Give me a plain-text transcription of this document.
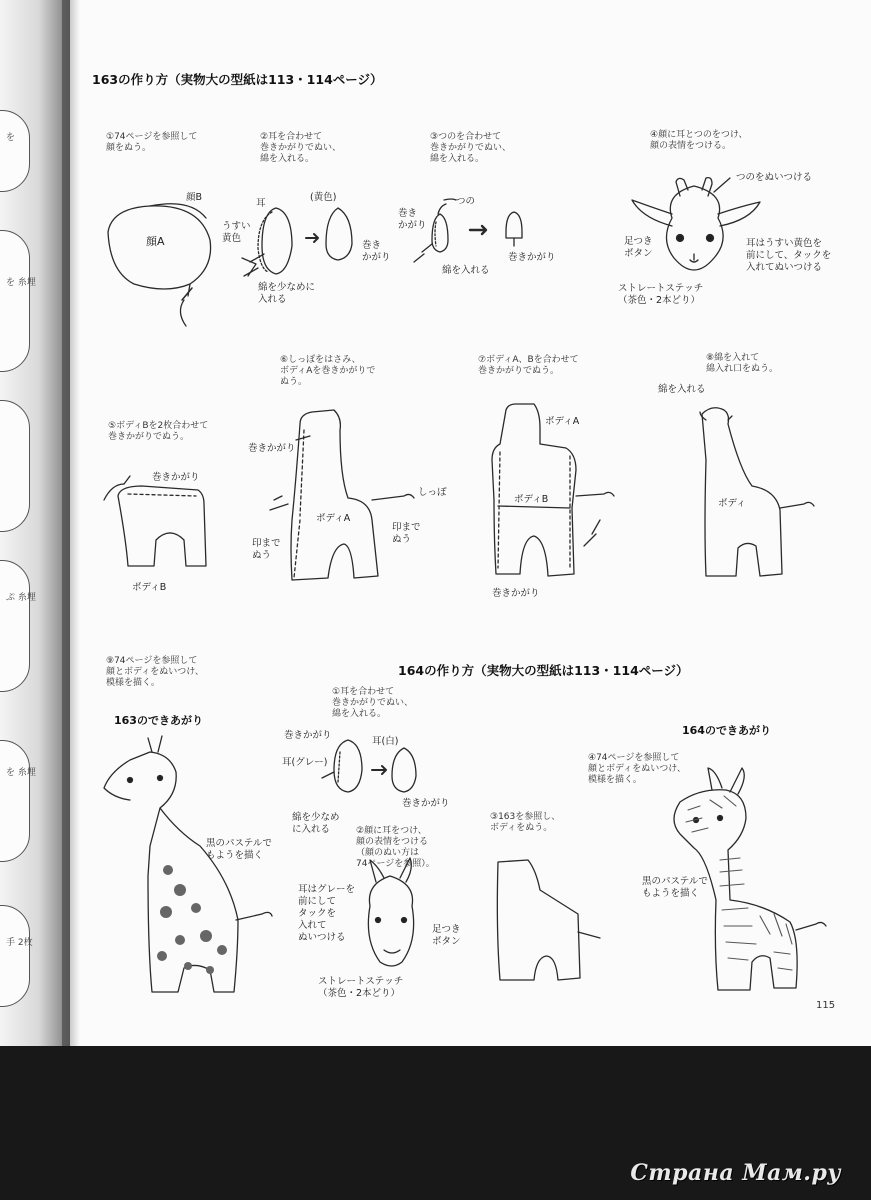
を
を 糸埋
ぷ 糸埋
を 糸埋
手 2枚
163の作り方（実物大の型紙は113・114ページ）
164の作り方（実物大の型紙は113・114ページ）
①74ページを参照して
顔をぬう。
②耳を合わせて
巻きかがりでぬい、
綿を入れる。
③つのを合わせて
巻きかがりでぬい、
綿を入れる。
④顔に耳とつのをつけ、
顔の表情をつける。
⑤ボディBを2枚合わせて
巻きかがりでぬう。
⑥しっぽをはさみ、
ボディAを巻きかがりで
ぬう。
⑦ボディA、Bを合わせて
巻きかがりでぬう。
⑧綿を入れて
綿入れ口をぬう。
⑨74ページを参照して
顔とボディをぬいつけ、
模様を描く。
①耳を合わせて
巻きかがりでぬい、
綿を入れる。
②顔に耳をつけ、
顔の表情をつける
（顔のぬい方は
74ページを参照）。
③163を参照し、
ボディをぬう。
④74ページを参照して
顔とボディをぬいつけ、
模様を描く。
163のできあがり
164のできあがり
顔B
顔A
耳
うすい
黄色
(黄色)
巻き
かがり
綿を少なめに
入れる
つの
巻き
かがり
綿を入れる
巻きかがり
つのをぬいつける
足つき
ボタン
耳はうすい黄色を
前にして、タックを
入れてぬいつける
ストレートステッチ
（茶色・2本どり）
巻きかがり
ボディB
巻きかがり
しっぽ
ボディA
印まで
ぬう
印まで
ぬう
ボディA
ボディB
巻きかがり
綿を入れる
ボディ
巻きかがり
耳(グレー)
耳(白)
綿を少なめ
に入れる
巻きかがり
耳はグレーを
前にして
タックを
入れて
ぬいつける
足つき
ボタン
ストレートステッチ
（茶色・2本どり）
黒のパステルで
もようを描く
黒のパステルで
もようを描く
115
Страна Мам.ру
